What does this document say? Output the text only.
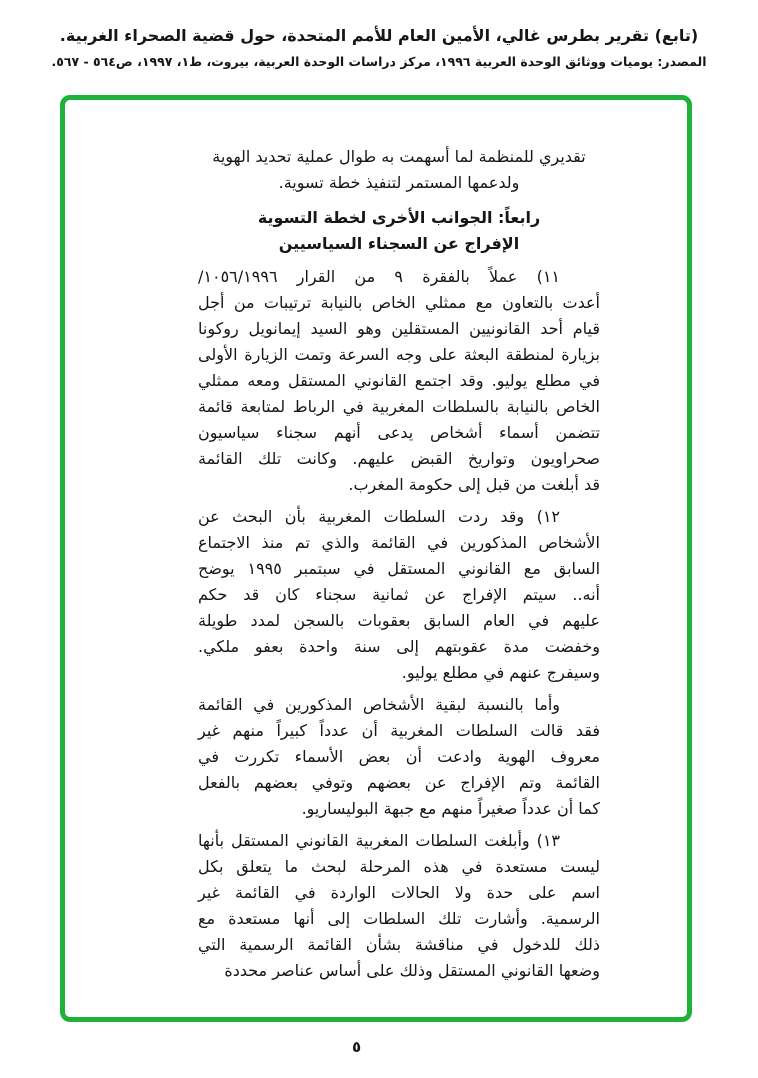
(تابع) تقرير بطرس غالي، الأمين العام للأمم المتحدة، حول قضية الصحراء الغربية.
المصدر: يوميات ووثائق الوحدة العربية ١٩٩٦، مركز دراسات الوحدة العربية، بيروت، ط١، ١٩٩٧، ص٥٦٤ - ٥٦٧.
تقديري للمنظمة لما أسهمت به طوال عملية تحديد الهوية
ولدعمها المستمر لتنفيذ خطة تسوية.
رابعاً: الجوانب الأخرى لخطة التسوية
الإفراج عن السجناء السياسيين
١١) عملاً بالفقرة ٩ من القرار ١٠٥٦/١٩٩٦/
أعدت بالتعاون مع ممثلي الخاص بالنيابة ترتيبات من أجل
قيام أحد القانونيين المستقلين وهو السيد إيمانويل روكونا
بزيارة لمنطقة البعثة على وجه السرعة وتمت الزيارة الأولى
في مطلع يوليو. وقد اجتمع القانوني المستقل ومعه ممثلي
الخاص بالنيابة بالسلطات المغربية في الرباط لمتابعة قائمة
تتضمن أسماء أشخاص يدعى أنهم سجناء سياسيون
صحراويون وتواريخ القبض عليهم. وكانت تلك القائمة
قد أبلغت من قبل إلى حكومة المغرب.
١٢) وقد ردت السلطات المغربية بأن البحث عن
الأشخاص المذكورين في القائمة والذي تم منذ الاجتماع
السابق مع القانوني المستقل في سبتمبر ١٩٩٥ يوضح
أنه.. سيتم الإفراج عن ثمانية سجناء كان قد حكم
عليهم في العام السابق بعقوبات بالسجن لمدد طويلة
وخفضت مدة عقوبتهم إلى سنة واحدة بعفو ملكي.
وسيفرج عنهم في مطلع يوليو.
وأما بالنسبة لبقية الأشخاص المذكورين في القائمة
فقد قالت السلطات المغربية أن عدداً كبيراً منهم غير
معروف الهوية وادعت أن بعض الأسماء تكررت في
القائمة وتم الإفراج عن بعضهم وتوفي بعضهم بالفعل
كما أن عدداً صغيراً منهم مع جبهة البوليساريو.
١٣) وأبلغت السلطات المغربية القانوني المستقل بأنها
ليست مستعدة في هذه المرحلة لبحث ما يتعلق بكل
اسم على حدة ولا الحالات الواردة في القائمة غير
الرسمية. وأشارت تلك السلطات إلى أنها مستعدة مع
ذلك للدخول في مناقشة بشأن القائمة الرسمية التي
وضعها القانوني المستقل وذلك على أساس عناصر محددة
٥
